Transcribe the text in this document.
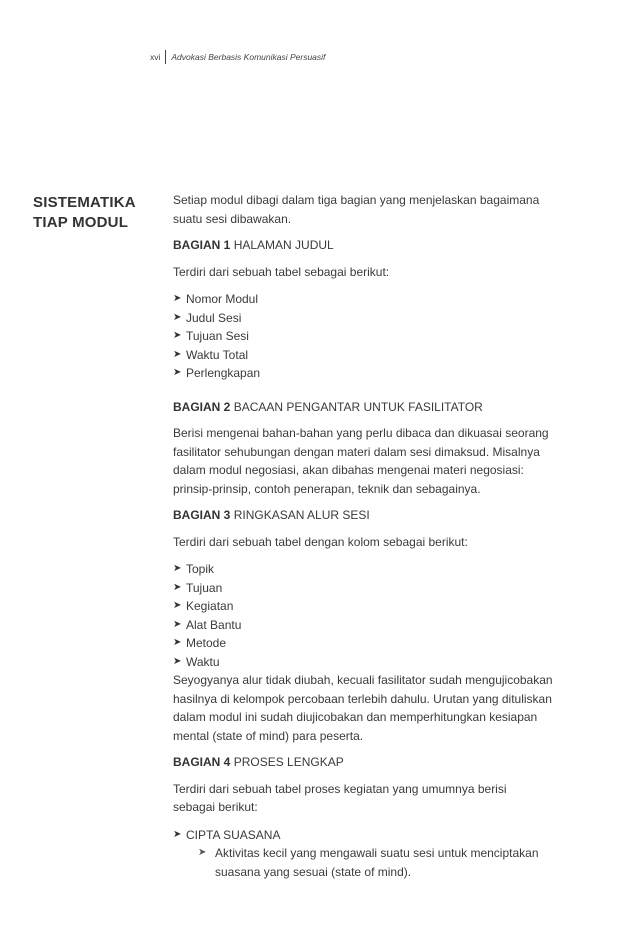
xvi Advokasi Berbasis Komunikasi Persuasif
SISTEMATIKA
TIAP MODUL

Setiap modul dibagi dalam tiga bagian yang menjelaskan bagaimana
suatu sesi dibawakan.

BAGIAN 1 HALAMAN JUDUL

Terdiri dari sebuah tabel sebagai berikut:

➤ Nomor Modul
➤ Judul Sesi
➤ Tujuan Sesi
➤ Waktu Total
➤ Perlengkapan
BAGIAN 2 BACAAN PENGANTAR UNTUK FASILITATOR

Berisi mengenai bahan-bahan yang perlu dibaca dan dikuasai seorang
fasilitator sehubungan dengan materi dalam sesi dimaksud. Misalnya
dalam modul negosiasi, akan dibahas mengenai materi negosiasi:
prinsip-prinsip, contoh penerapan, teknik dan sebagainya.

BAGIAN 3 RINGKASAN ALUR SESI

Terdiri dari sebuah tabel dengan kolom sebagai berikut:

➤ Topik
➤ Tujuan
➤ Kegiatan
➤ Alat Bantu
➤ Metode
➤ Waktu

Seyogyanya alur tidak diubah, kecuali fasilitator sudah mengujicobakan
hasilnya di kelompok percobaan terlebih dahulu. Urutan yang dituliskan
dalam modul ini sudah diujicobakan dan memperhitungkan kesiapan
mental (state of mind) para peserta.

BAGIAN 4 PROSES LENGKAP

Terdiri dari sebuah tabel proses kegiatan yang umumnya berisi
sebagai berikut:

➤ CIPTA SUASANA
➤ Aktivitas kecil yang mengawali suatu sesi untuk menciptakan
suasana yang sesuai (state of mind).
